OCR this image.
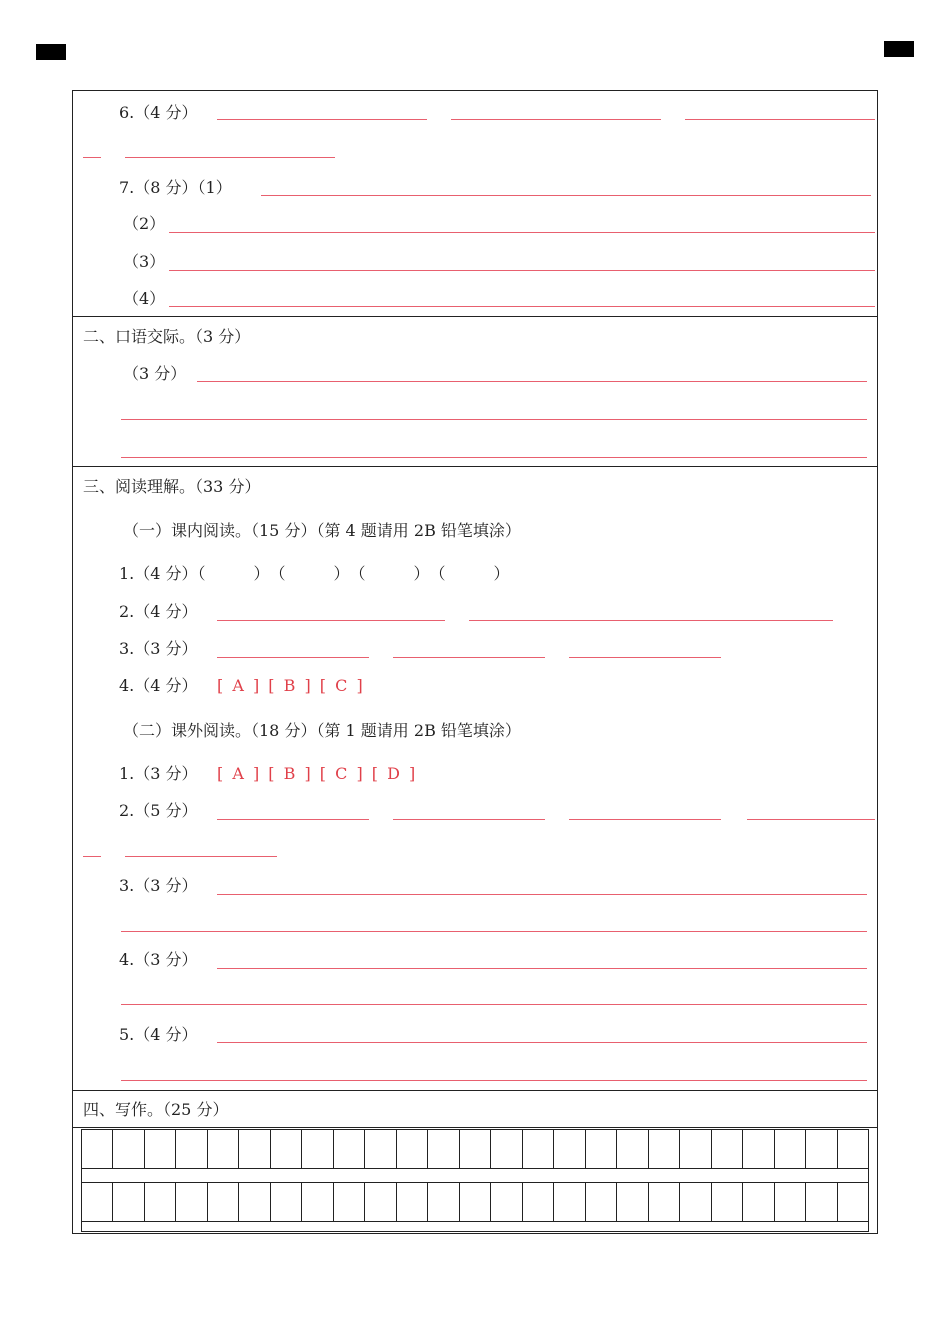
6.（4 分）
7.（8 分）（1）
（2）
（3）
（4）
二、口语交际。（3 分）
（3 分）
三、阅读理解。（33 分）
（一）课内阅读。（15 分）（第 4 题请用 2B 铅笔填涂）
1.（4 分）（　　　）　（　　　）　（　　　）　（　　　）
2.（4 分）
3.（3 分）
4.（4 分） [ A ] [ B ] [ C ]
（二）课外阅读。（18 分）（第 1 题请用 2B 铅笔填涂）
1.（3 分） [ A ] [ B ] [ C ] [ D ]
2.（5 分）
3.（3 分）
4.（3 分）
5.（4 分）
四、写作。（25 分）
